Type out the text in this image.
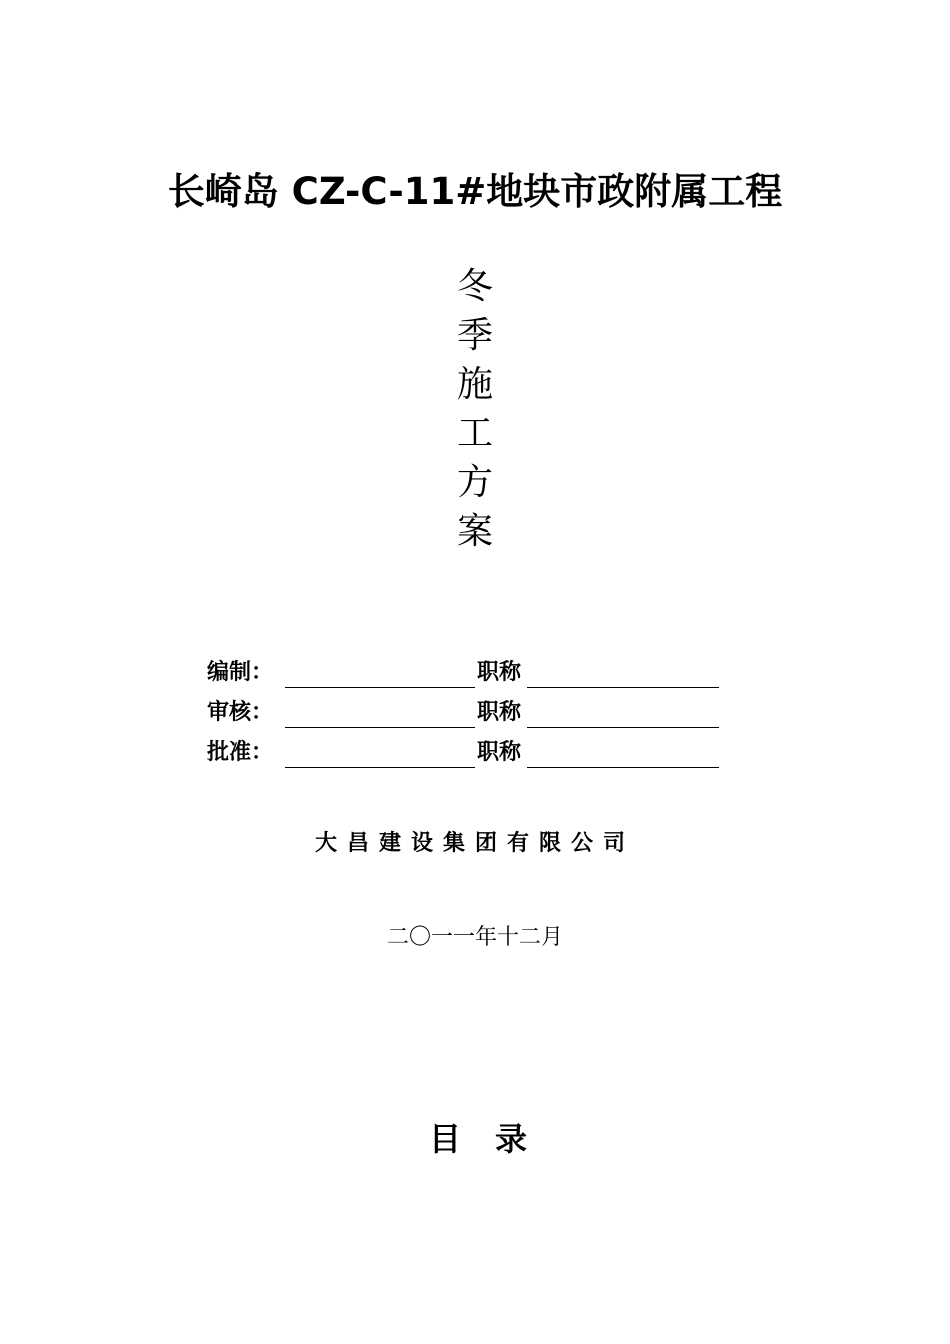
长崎岛 CZ-C-11#地块市政附属工程
冬
季
施
工
方
案
编制：	职称
审核：	职称
批准：	职称
大昌建设集团有限公司
二〇一一年十二月
目录
